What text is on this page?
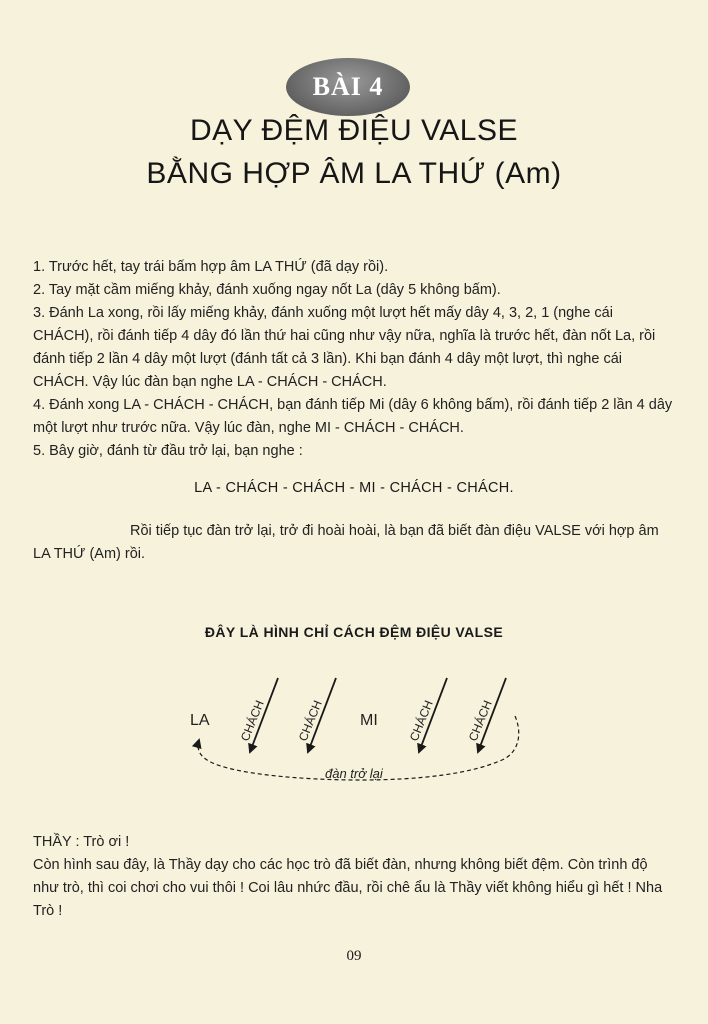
BÀI 4
DẠY ĐỆM ĐIỆU VALSE
BẰNG HỢP ÂM LA THỨ (Am)

1. Trước hết, tay trái bấm hợp âm LA THỨ (đã dạy rồi).

2. Tay mặt cầm miếng khảy, đánh xuống ngay nốt La (dây 5 không bấm).

3. Đánh La xong, rồi lấy miếng khảy, đánh xuống một lượt hết mấy dây 4, 3, 2, 1 (nghe cái CHÁCH), rồi đánh tiếp 4 dây đó lần thứ hai cũng như vậy nữa, nghĩa là trước hết, đàn nốt La, rồi đánh tiếp 2 lần 4 dây một lượt (đánh tất cả 3 lần). Khi bạn đánh 4 dây một lượt, thì nghe cái CHÁCH. Vậy lúc đàn bạn nghe LA - CHÁCH - CHÁCH.

4. Đánh xong LA - CHÁCH - CHÁCH, bạn đánh tiếp Mi (dây 6 không bấm), rồi đánh tiếp 2 lần 4 dây một lượt như trước nữa. Vậy lúc đàn, nghe MI - CHÁCH - CHÁCH.

5. Bây giờ, đánh từ đầu trở lại, bạn nghe :

LA - CHÁCH - CHÁCH - MI - CHÁCH - CHÁCH.
Rồi tiếp tục đàn trở lại, trở đi hoài hoài, là bạn đã biết đàn điệu VALSE với hợp âm LA THỨ (Am) rồi.
ĐÂY LÀ HÌNH CHỈ CÁCH ĐỆM ĐIỆU VALSE
LA	MI
CHÁCH CHÁCH	CHÁCH	CHÁCH
đàn trở lại

THẦY : Trò ơi !

Còn hình sau đây, là Thầy dạy cho các học trò đã biết đàn, nhưng không biết đệm. Còn trình độ như trò, thì coi chơi cho vui thôi ! Coi lâu nhức đầu, rồi chê ẩu là Thầy viết không hiểu gì hết ! Nha Trò !

09
